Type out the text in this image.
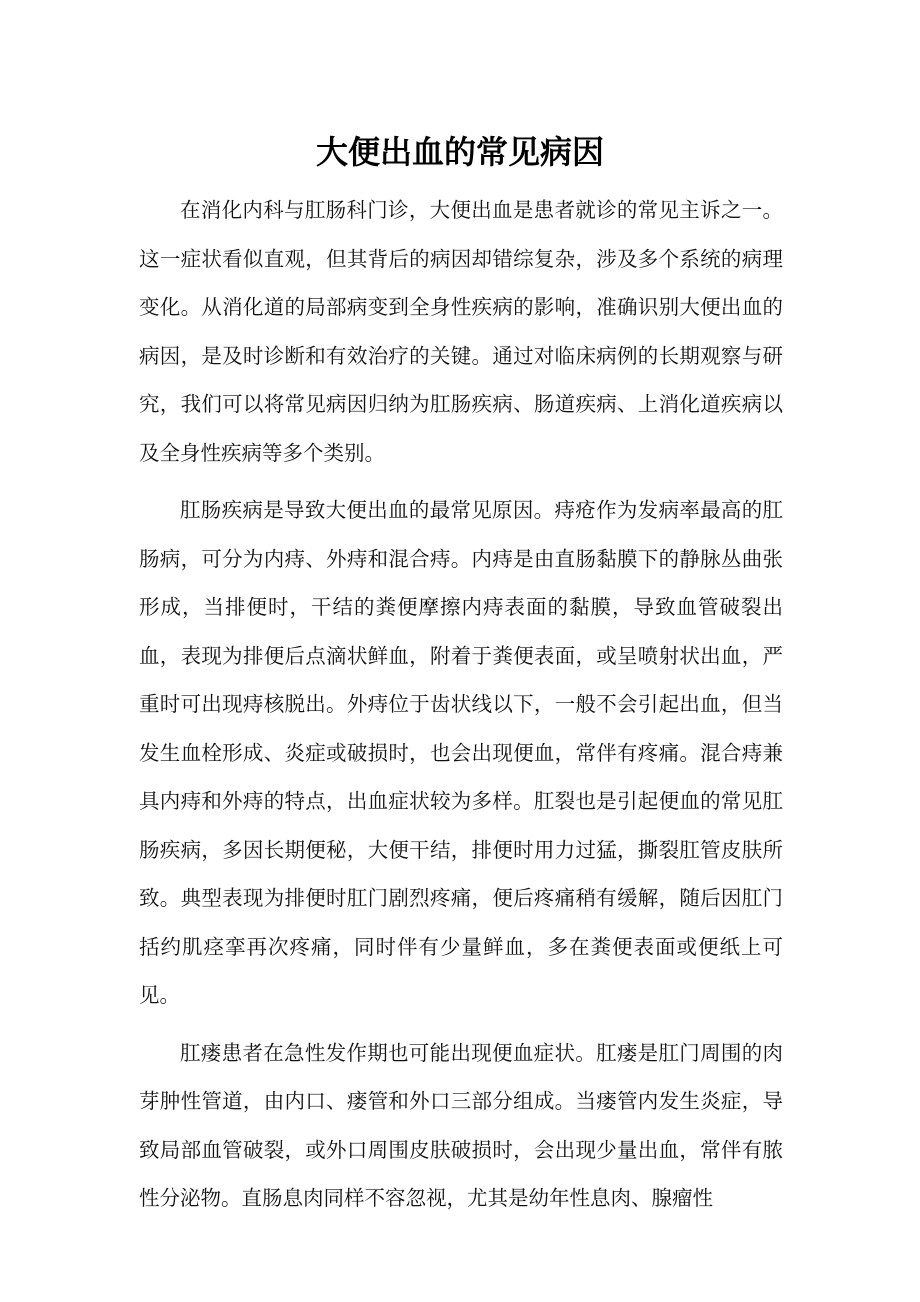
大便出血的常见病因

在消化内科与肛肠科门诊，大便出血是患者就诊的常见主诉之一。这一症状看似直观，但其背后的病因却错综复杂，涉及多个系统的病理变化。从消化道的局部病变到全身性疾病的影响，准确识别大便出血的病因，是及时诊断和有效治疗的关键。通过对临床病例的长期观察与研究，我们可以将常见病因归纳为肛肠疾病、肠道疾病、上消化道疾病以及全身性疾病等多个类别。

肛肠疾病是导致大便出血的最常见原因。痔疮作为发病率最高的肛肠病，可分为内痔、外痔和混合痔。内痔是由直肠黏膜下的静脉丛曲张形成，当排便时，干结的粪便摩擦内痔表面的黏膜，导致血管破裂出血，表现为排便后点滴状鲜血，附着于粪便表面，或呈喷射状出血，严重时可出现痔核脱出。外痔位于齿状线以下，一般不会引起出血，但当发生血栓形成、炎症或破损时，也会出现便血，常伴有疼痛。混合痔兼具内痔和外痔的特点，出血症状较为多样。肛裂也是引起便血的常见肛肠疾病，多因长期便秘，大便干结，排便时用力过猛，撕裂肛管皮肤所致。典型表现为排便时肛门剧烈疼痛，便后疼痛稍有缓解，随后因肛门括约肌痉挛再次疼痛，同时伴有少量鲜血，多在粪便表面或便纸上可见。

肛瘘患者在急性发作期也可能出现便血症状。肛瘘是肛门周围的肉芽肿性管道，由内口、瘘管和外口三部分组成。当瘘管内发生炎症，导致局部血管破裂，或外口周围皮肤破损时，会出现少量出血，常伴有脓性分泌物。直肠息肉同样不容忽视，尤其是幼年性息肉、腺瘤性
